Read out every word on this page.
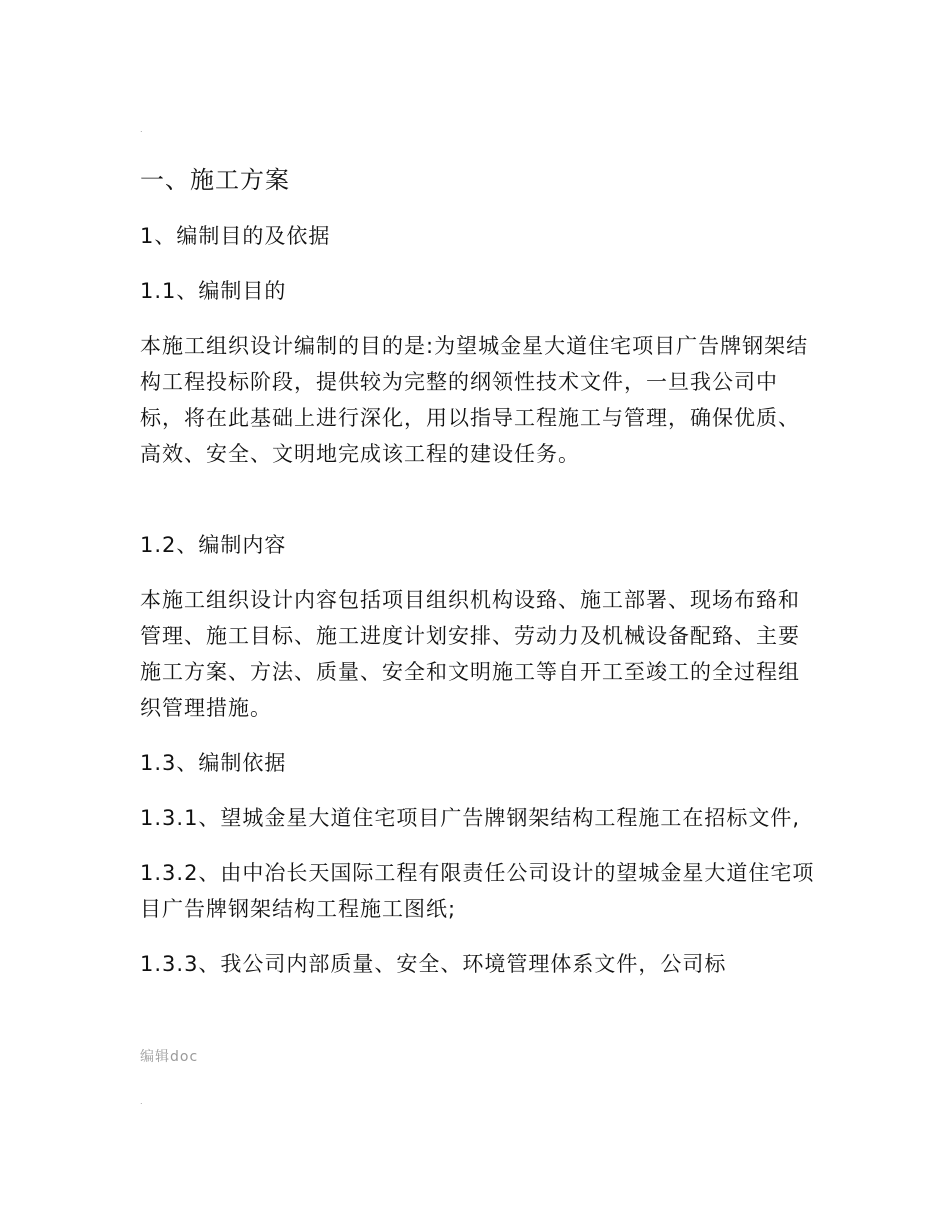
.
一、施工方案
1、编制目的及依据
1.1、编制目的
本施工组织设计编制的目的是:为望城金星大道住宅项目广告牌钢架结构工程投标阶段，提供较为完整的纲领性技术文件，一旦我公司中标，将在此基础上进行深化，用以指导工程施工与管理，确保优质、高效、安全、文明地完成该工程的建设任务。
1.2、编制内容
本施工组织设计内容包括项目组织机构设臵、施工部署、现场布臵和管理、施工目标、施工进度计划安排、劳动力及机械设备配臵、主要施工方案、方法、质量、安全和文明施工等自开工至竣工的全过程组织管理措施。
1.3、编制依据
1.3.1、望城金星大道住宅项目广告牌钢架结构工程施工在招标文件,
1.3.2、由中冶长天国际工程有限责任公司设计的望城金星大道住宅项目广告牌钢架结构工程施工图纸;
1.3.3、我公司内部质量、安全、环境管理体系文件，公司标
编辑doc
.
